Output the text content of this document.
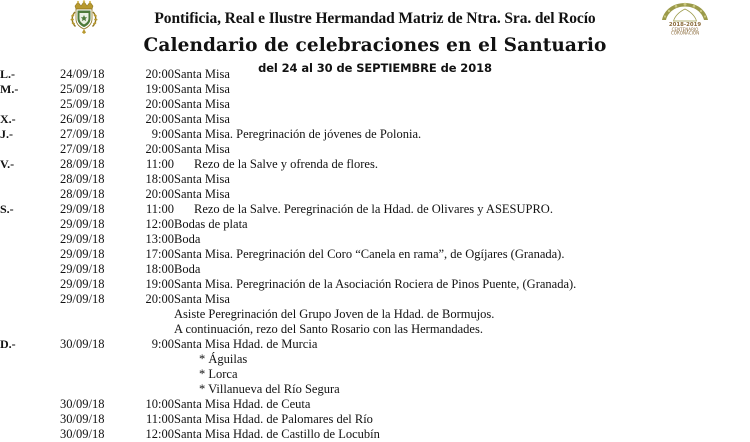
2018-2019
CENTENARIO
CORONACIÓN
Pontificia, Real e Ilustre Hermandad Matriz de Ntra. Sra. del Rocío
Calendario de celebraciones en el Santuario
del 24 al 30 de SEPTIEMBRE de 2018
L.-	24/09/18	20:00	Santa Misa
M.-	25/09/18	19:00	Santa Misa
	25/09/18	20:00	Santa Misa
X.-	26/09/18	20:00	Santa Misa
J.-	27/09/18	9:00	Santa Misa. Peregrinación de jóvenes de Polonia.
	27/09/18	20:00	Santa Misa
V.-	28/09/18	11:00	Rezo de la Salve y ofrenda de flores.
	28/09/18	18:00	Santa Misa
	28/09/18	20:00	Santa Misa
S.-	29/09/18	11:00	Rezo de la Salve. Peregrinación de la Hdad. de Olivares y ASESUPRO.
	29/09/18	12:00	Bodas de plata
	29/09/18	13:00	Boda
	29/09/18	17:00	Santa Misa. Peregrinación del Coro “Canela en rama”, de Ogíjares (Granada).
	29/09/18	18:00	Boda
	29/09/18	19:00	Santa Misa. Peregrinación de la Asociación Rociera de Pinos Puente, (Granada).
	29/09/18	20:00	Santa Misa
			Asiste Peregrinación del Grupo Joven de la Hdad. de Bormujos.
			A continuación, rezo del Santo Rosario con las Hermandades.
D.-	30/09/18	9:00	Santa Misa Hdad. de Murcia
			* Águilas
			* Lorca
			* Villanueva del Río Segura
	30/09/18	10:00	Santa Misa Hdad. de Ceuta
	30/09/18	11:00	Santa Misa Hdad. de Palomares del Río
	30/09/18	12:00	Santa Misa Hdad. de Castillo de Locubín
